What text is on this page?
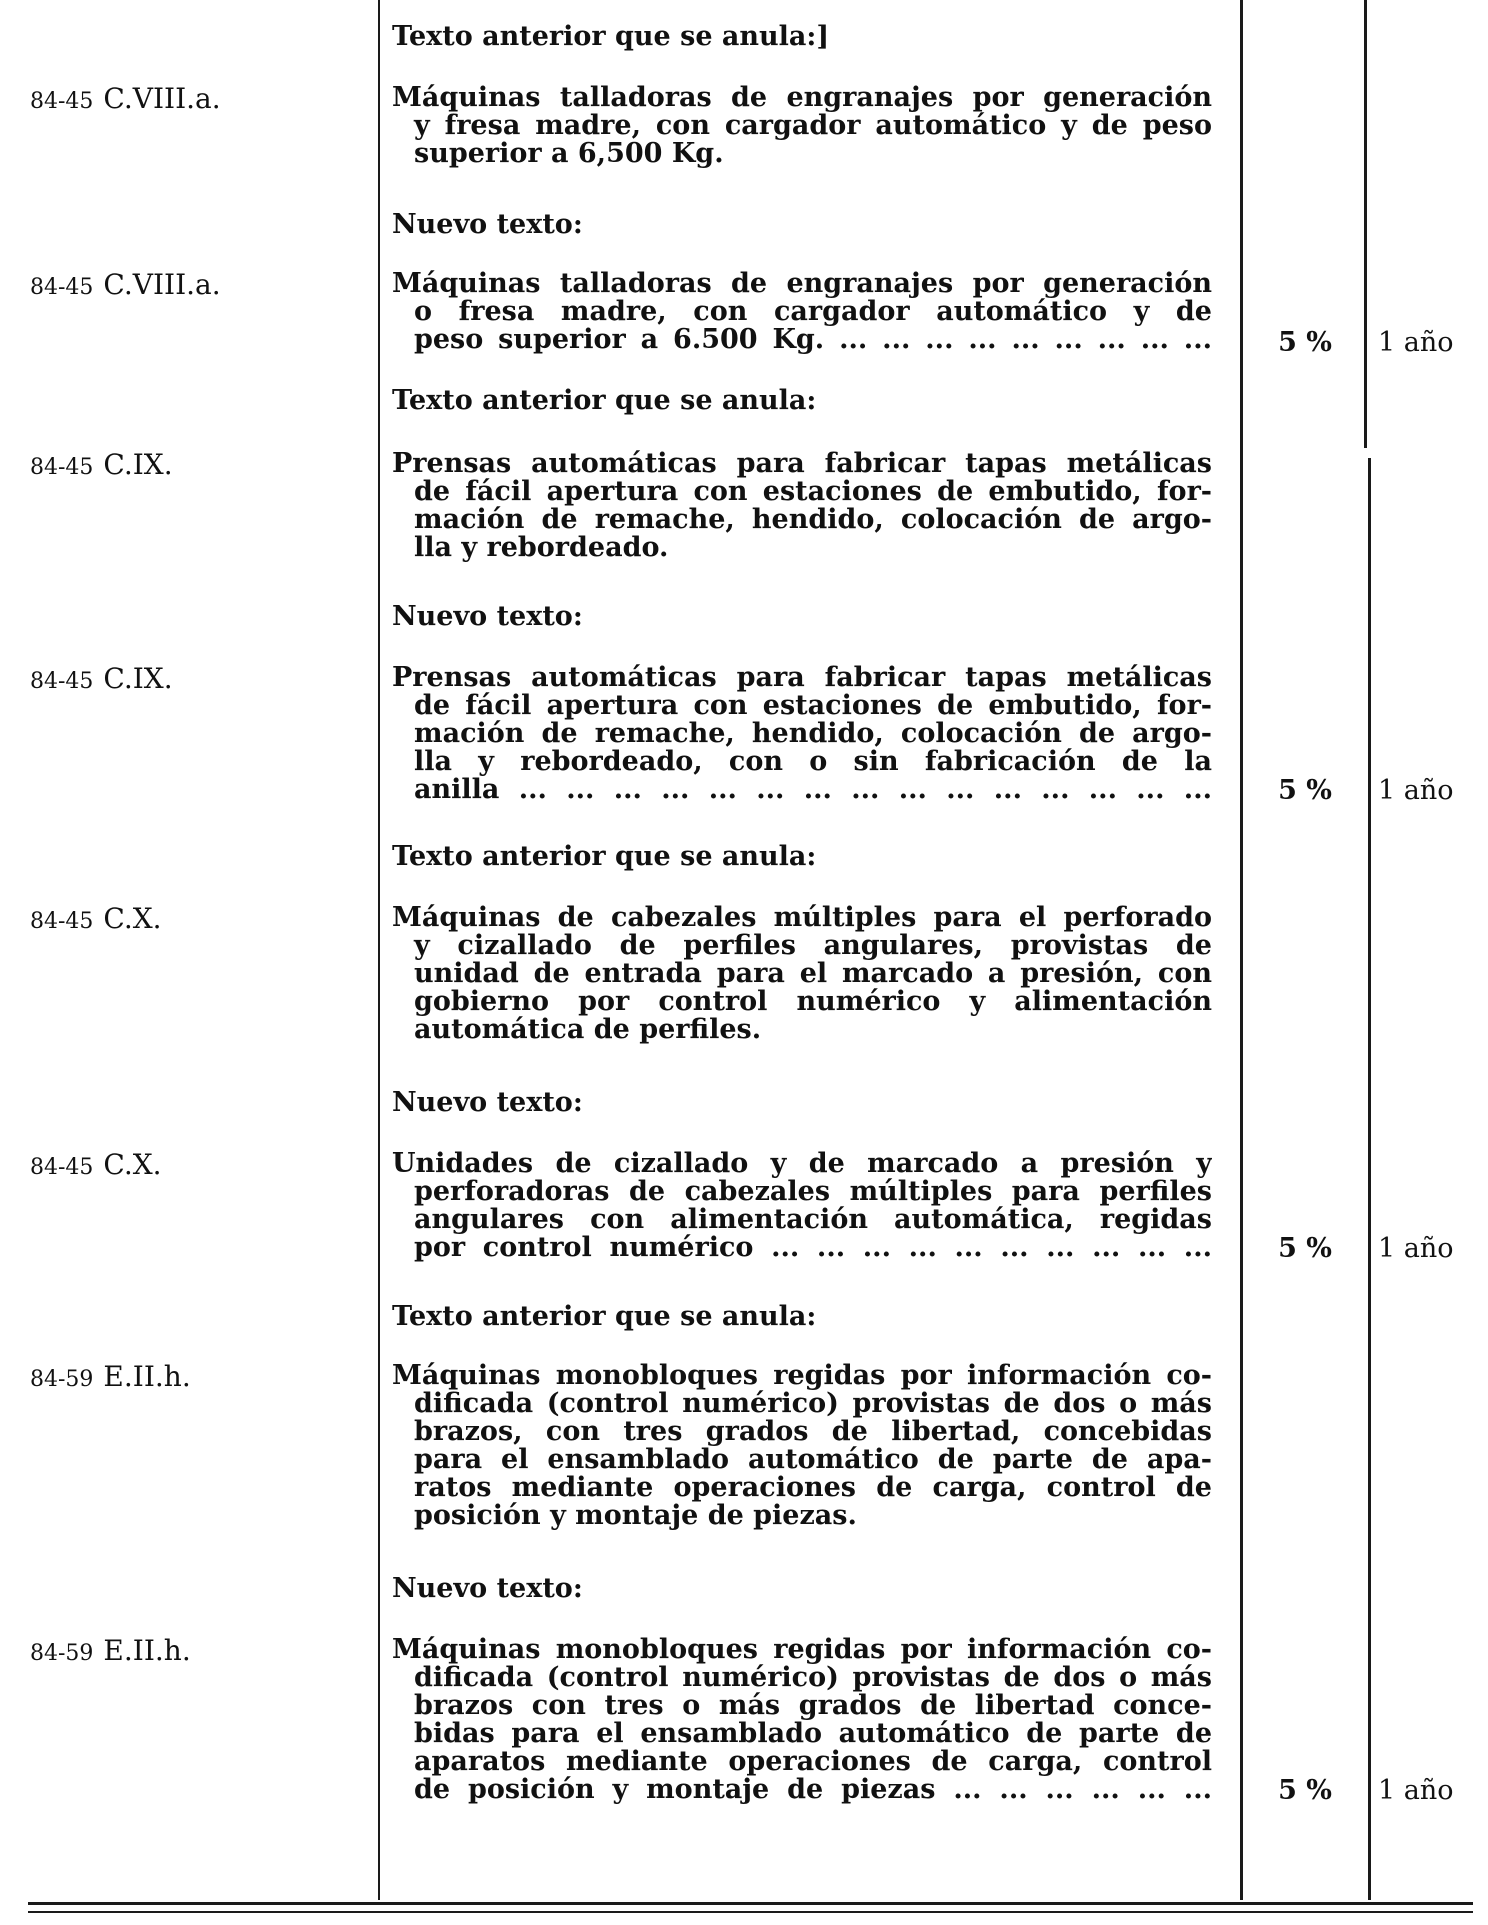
Texto anterior que se anula:]
84-45 C.VIII.a.	Máquinas talladoras de engranajes por generación
y fresa madre, con cargador automático y de peso
superior a 6,500 Kg.
Nuevo texto:
84-45 C.VIII.a.	Máquinas talladoras de engranajes por generación
o fresa madre, con cargador automático y de
peso superior a 6.500 Kg. ... ... ... ... ... ... ... ... ...	5 %	1 año
Texto anterior que se anula:
84-45 C.IX.	Prensas automáticas para fabricar tapas metálicas
de fácil apertura con estaciones de embutido, for-
mación de remache, hendido, colocación de argo-
lla y rebordeado.
Nuevo texto:
84-45 C.IX.	Prensas automáticas para fabricar tapas metálicas
de fácil apertura con estaciones de embutido, for-
mación de remache, hendido, colocación de argo-
lla y rebordeado, con o sin fabricación de la
anilla ... ... ... ... ... ... ... ... ... ... ... ... ... ... ...	5 %	1 año
Texto anterior que se anula:
84-45 C.X.	Máquinas de cabezales múltiples para el perforado
y cizallado de perfiles angulares, provistas de
unidad de entrada para el marcado a presión, con
gobierno por control numérico y alimentación
automática de perfiles.
Nuevo texto:
84-45 C.X.	Unidades de cizallado y de marcado a presión y
perforadoras de cabezales múltiples para perfiles
angulares con alimentación automática, regidas
por control numérico ... ... ... ... ... ... ... ... ... ...	5 %	1 año
Texto anterior que se anula:
84-59 E.II.h.	Máquinas monobloques regidas por información co-
dificada (control numérico) provistas de dos o más
brazos, con tres grados de libertad, concebidas
para el ensamblado automático de parte de apa-
ratos mediante operaciones de carga, control de
posición y montaje de piezas.
Nuevo texto:
84-59 E.II.h.	Máquinas monobloques regidas por información co-
dificada (control numérico) provistas de dos o más
brazos con tres o más grados de libertad conce-
bidas para el ensamblado automático de parte de
aparatos mediante operaciones de carga, control
de posición y montaje de piezas ... ... ... ... ... ...	5 %	1 año
